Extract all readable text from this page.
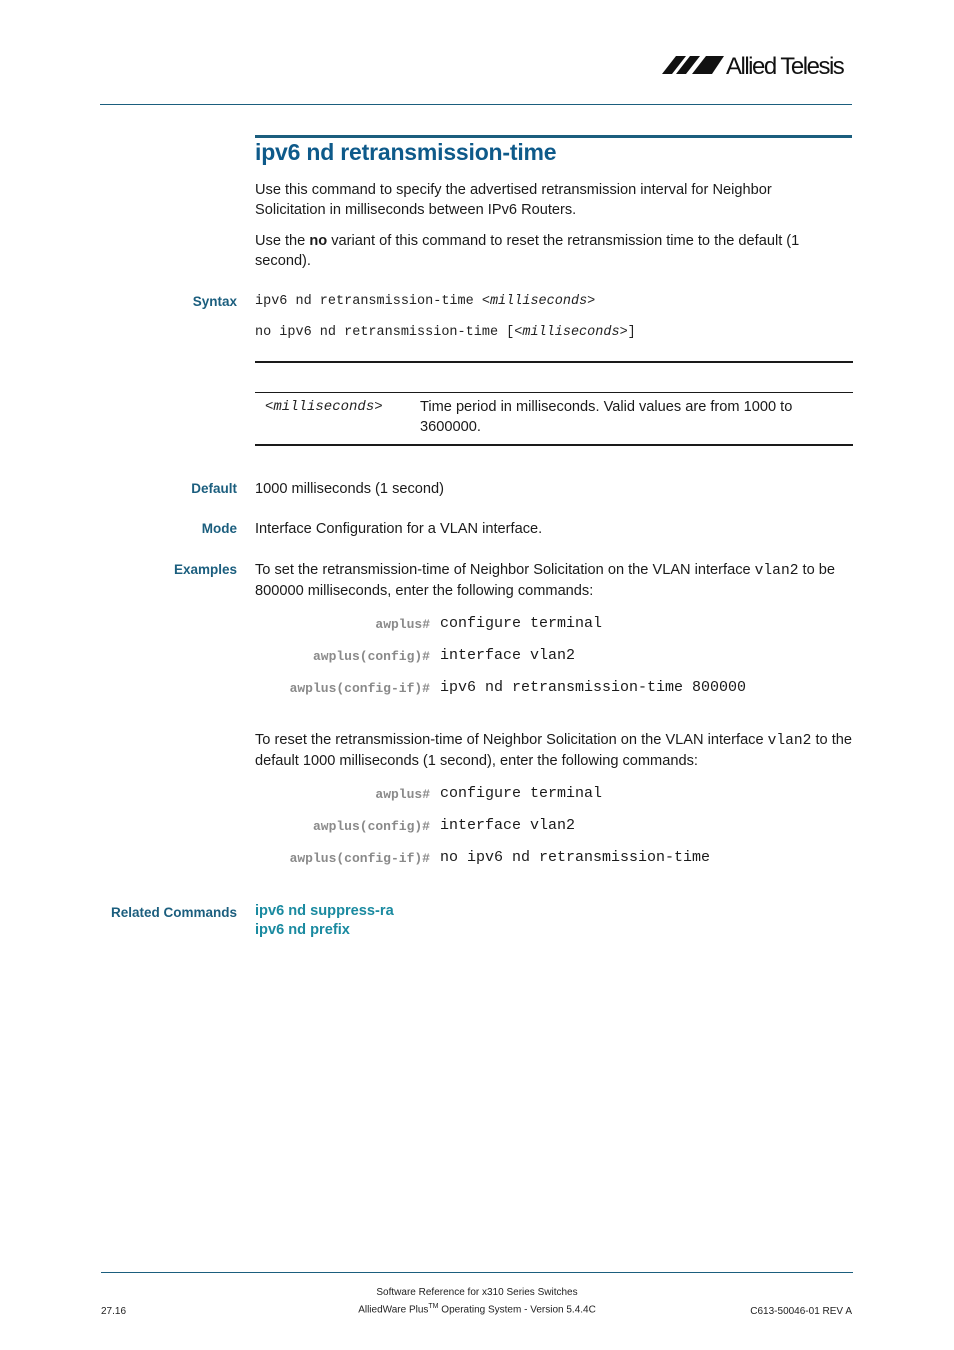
Allied Telesis
ipv6 nd retransmission-time
Use this command to specify the advertised retransmission interval for Neighbor Solicitation in milliseconds between IPv6 Routers.
Use the no variant of this command to reset the retransmission time to the default (1 second).
Syntax ipv6 nd retransmission-time <milliseconds>
no ipv6 nd retransmission-time [<milliseconds>]
<milliseconds>	Time period in milliseconds. Valid values are from 1000 to 3600000.
Default 1000 milliseconds (1 second)
Mode Interface Configuration for a VLAN interface.
Examples To set the retransmission-time of Neighbor Solicitation on the VLAN interface vlan2 to be 800000 milliseconds, enter the following commands:
awplus# configure terminal
awplus(config)# interface vlan2
awplus(config-if)# ipv6 nd retransmission-time 800000
To reset the retransmission-time of Neighbor Solicitation on the VLAN interface vlan2 to the default 1000 milliseconds (1 second), enter the following commands:
awplus# configure terminal
awplus(config)# interface vlan2
awplus(config-if)# no ipv6 nd retransmission-time
Related Commands ipv6 nd suppress-ra
ipv6 nd prefix
Software Reference for x310 Series Switches
AlliedWare Plus™ Operating System - Version 5.4.4C
27.16	C613-50046-01 REV A
